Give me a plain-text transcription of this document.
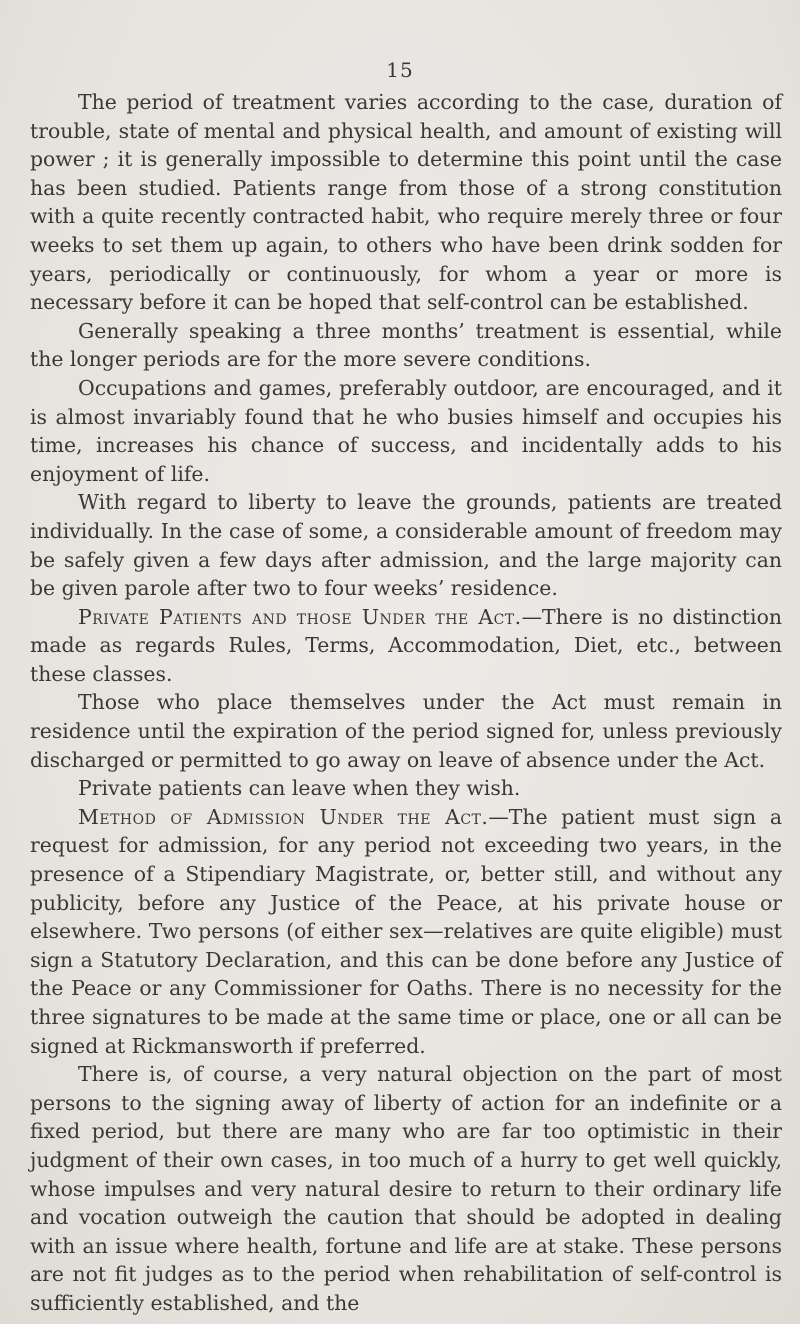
15

The period of treatment varies according to the case, duration of trouble, state of mental and physical health, and amount of existing will power ; it is generally impossible to determine this point until the case has been studied. Patients range from those of a strong constitution with a quite recently contracted habit, who require merely three or four weeks to set them up again, to others who have been drink sodden for years, periodically or continuously, for whom a year or more is necessary before it can be hoped that self-control can be established.

Generally speaking a three months’ treatment is essential, while the longer periods are for the more severe conditions.

Occupations and games, preferably outdoor, are encouraged, and it is almost invariably found that he who busies himself and occupies his time, increases his chance of success, and incidentally adds to his enjoyment of life.

With regard to liberty to leave the grounds, patients are treated individually. In the case of some, a considerable amount of freedom may be safely given a few days after admission, and the large majority can be given parole after two to four weeks’ residence.

Private Patients and those Under the Act.—There is no distinction made as regards Rules, Terms, Accommodation, Diet, etc., between these classes.

Those who place themselves under the Act must remain in residence until the expiration of the period signed for, unless previously discharged or permitted to go away on leave of absence under the Act.

Private patients can leave when they wish.

Method of Admission Under the Act.—The patient must sign a request for admission, for any period not exceeding two years, in the presence of a Stipendiary Magistrate, or, better still, and without any publicity, before any Justice of the Peace, at his private house or elsewhere. Two persons (of either sex—relatives are quite eligible) must sign a Statutory Declaration, and this can be done before any Justice of the Peace or any Commissioner for Oaths. There is no necessity for the three signatures to be made at the same time or place, one or all can be signed at Rickmansworth if preferred.

There is, of course, a very natural objection on the part of most persons to the signing away of liberty of action for an indefinite or a fixed period, but there are many who are far too optimistic in their judgment of their own cases, in too much of a hurry to get well quickly, whose impulses and very natural desire to return to their ordinary life and vocation outweigh the caution that should be adopted in dealing with an issue where health, fortune and life are at stake. These persons are not fit judges as to the period when rehabilitation of self-control is sufficiently established, and the
